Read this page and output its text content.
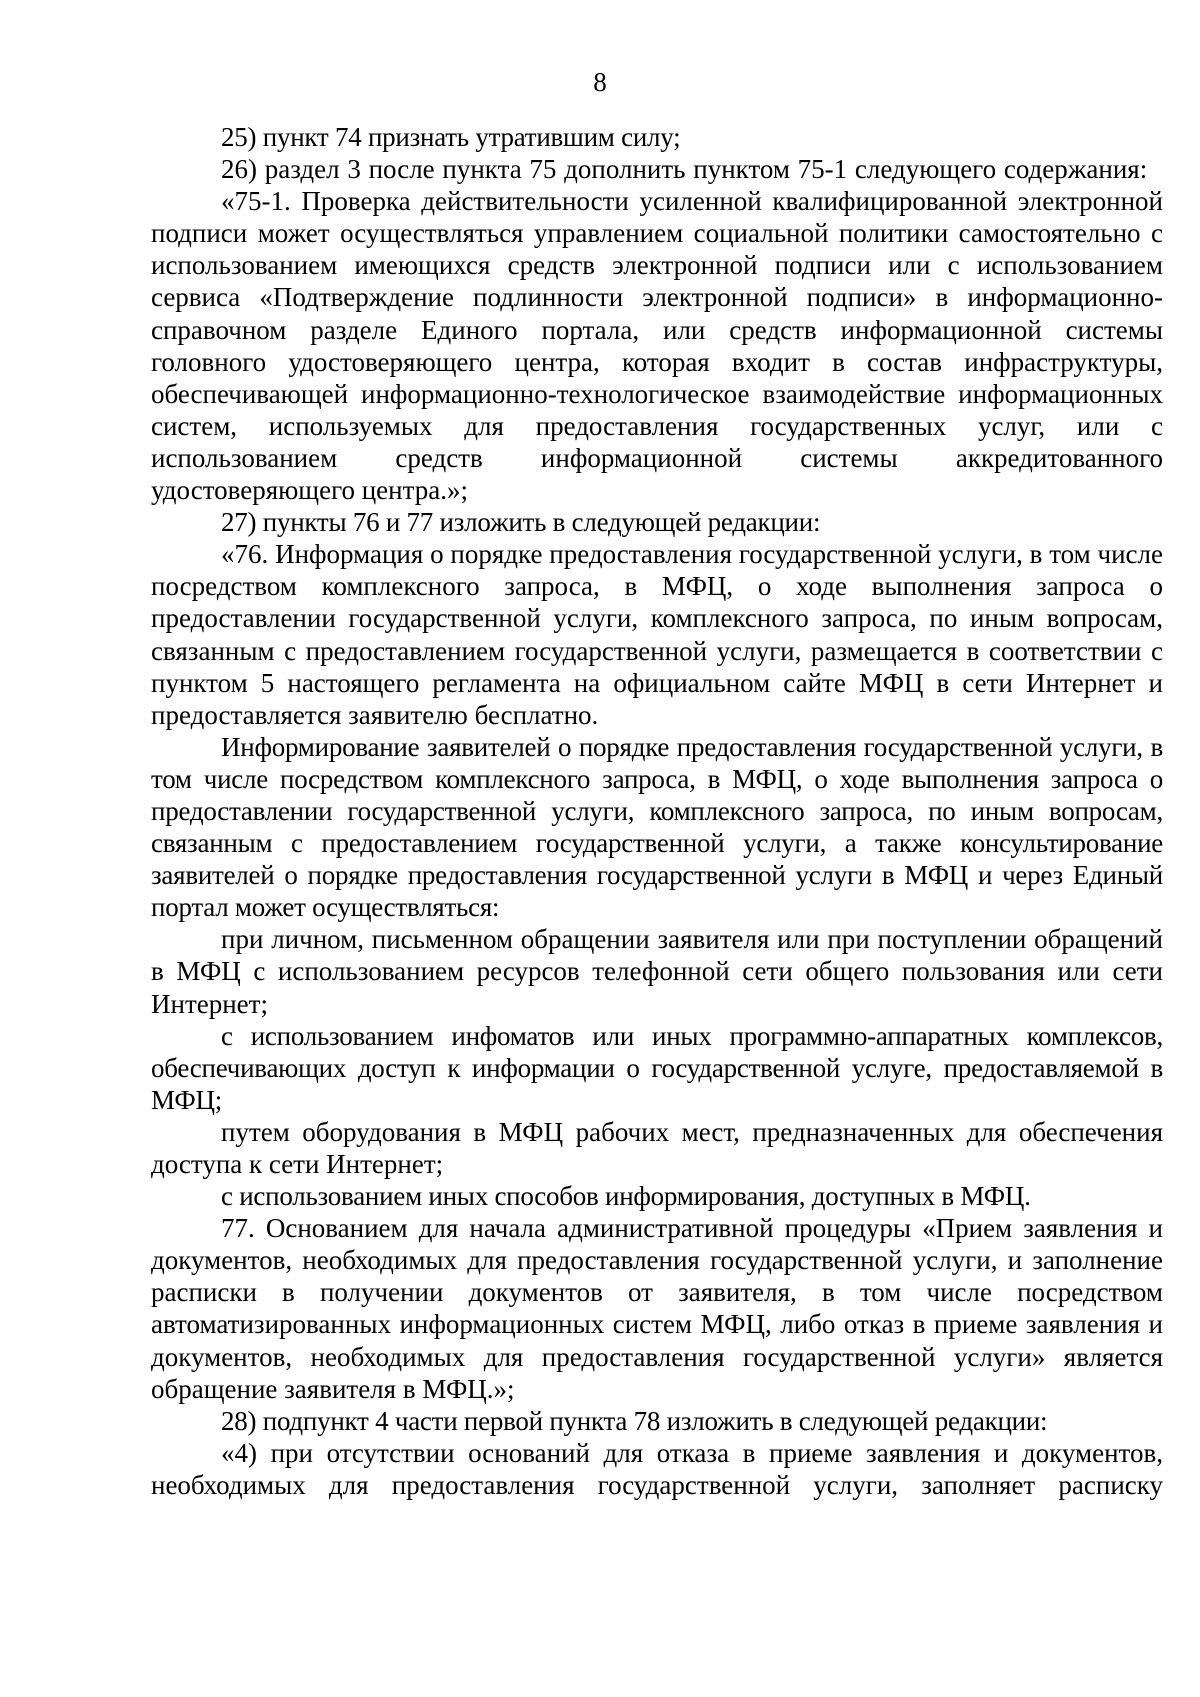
8

25) пункт 74 признать утратившим силу;

26) раздел 3 после пункта 75 дополнить пунктом 75-1 следующего содержания:

«75-1. Проверка действительности усиленной квалифицированной электронной подписи может осуществляться управлением социальной политики самостоятельно с использованием имеющихся средств электронной подписи или с использованием сервиса «Подтверждение подлинности электронной подписи» в информационно-справочном разделе Единого портала, или средств информационной системы головного удостоверяющего центра, которая входит в состав инфраструктуры, обеспечивающей информационно-технологическое взаимодействие информационных систем, используемых для предоставления государственных услуг, или с использованием средств информационной системы аккредитованного удостоверяющего центра.»;

27) пункты 76 и 77 изложить в следующей редакции:

«76. Информация о порядке предоставления государственной услуги, в том числе посредством комплексного запроса, в МФЦ, о ходе выполнения запроса о предоставлении государственной услуги, комплексного запроса, по иным вопросам, связанным с предоставлением государственной услуги, размещается в соответствии с пунктом 5 настоящего регламента на официальном сайте МФЦ в сети Интернет и предоставляется заявителю бесплатно.

Информирование заявителей о порядке предоставления государственной услуги, в том числе посредством комплексного запроса, в МФЦ, о ходе выполнения запроса о предоставлении государственной услуги, комплексного запроса, по иным вопросам, связанным с предоставлением государственной услуги, а также консультирование заявителей о порядке предоставления государственной услуги в МФЦ и через Единый портал может осуществляться:

при личном, письменном обращении заявителя или при поступлении обращений в МФЦ с использованием ресурсов телефонной сети общего пользования или сети Интернет;

с использованием инфоматов или иных программно-аппаратных комплексов, обеспечивающих доступ к информации о государственной услуге, предоставляемой в МФЦ;

путем оборудования в МФЦ рабочих мест, предназначенных для обеспечения доступа к сети Интернет;

с использованием иных способов информирования, доступных в МФЦ.

77. Основанием для начала административной процедуры «Прием заявления и документов, необходимых для предоставления государственной услуги, и заполнение расписки в получении документов от заявителя, в том числе посредством автоматизированных информационных систем МФЦ, либо отказ в приеме заявления и документов, необходимых для предоставления государственной услуги» является обращение заявителя в МФЦ.»;

28) подпункт 4 части первой пункта 78 изложить в следующей редакции:

«4) при отсутствии оснований для отказа в приеме заявления и документов, необходимых для предоставления государственной услуги, заполняет расписку
